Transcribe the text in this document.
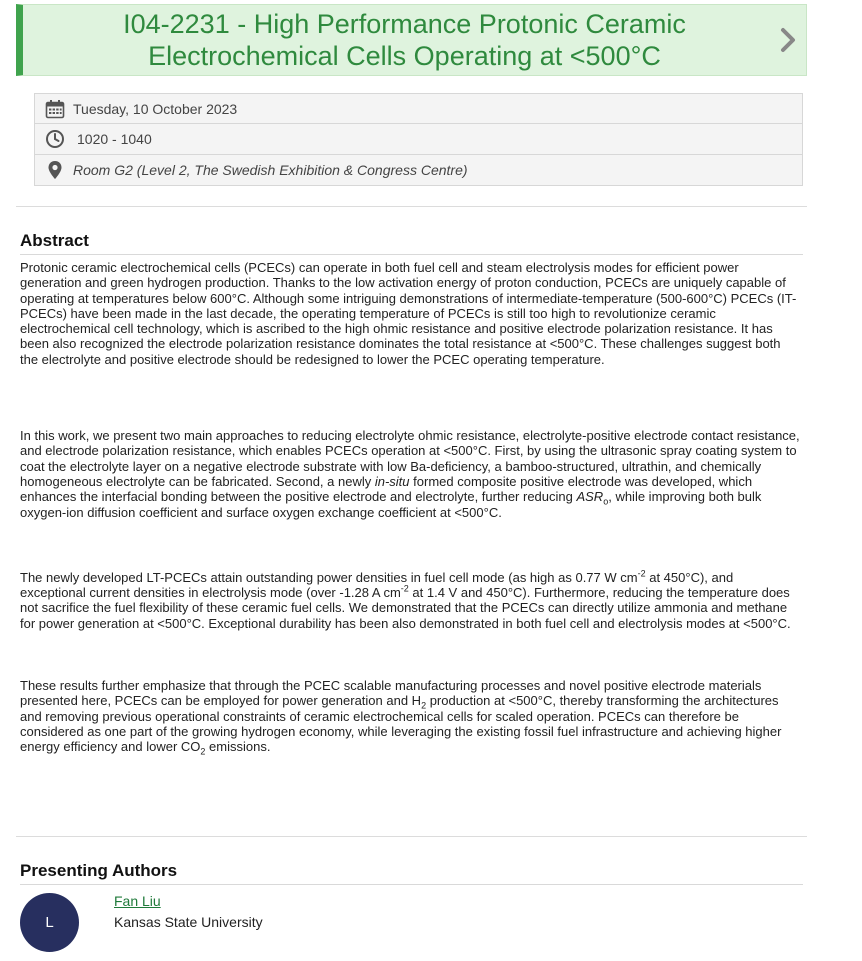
I04-2231 - High Performance Protonic Ceramic Electrochemical Cells Operating at <500°C
Tuesday, 10 October 2023
1020 - 1040
Room G2 (Level 2, The Swedish Exhibition & Congress Centre)
Abstract

Protonic ceramic electrochemical cells (PCECs) can operate in both fuel cell and steam electrolysis modes for efficient power generation and green hydrogen production. Thanks to the low activation energy of proton conduction, PCECs are uniquely capable of operating at temperatures below 600°C. Although some intriguing demonstrations of intermediate-temperature (500-600°C) PCECs (IT-PCECs) have been made in the last decade, the operating temperature of PCECs is still too high to revolutionize ceramic electrochemical cell technology, which is ascribed to the high ohmic resistance and positive electrode polarization resistance. It has been also recognized the electrode polarization resistance dominates the total resistance at <500°C. These challenges suggest both the electrolyte and positive electrode should be redesigned to lower the PCEC operating temperature.

In this work, we present two main approaches to reducing electrolyte ohmic resistance, electrolyte-positive electrode contact resistance, and electrode polarization resistance, which enables PCECs operation at <500°C. First, by using the ultrasonic spray coating system to coat the electrolyte layer on a negative electrode substrate with low Ba-deficiency, a bamboo-structured, ultrathin, and chemically homogeneous electrolyte can be fabricated. Second, a newly in-situ formed composite positive electrode was developed, which enhances the interfacial bonding between the positive electrode and electrolyte, further reducing $ASR_o$, while improving both bulk oxygen-ion diffusion coefficient and surface oxygen exchange coefficient at <500°C.

The newly developed LT-PCECs attain outstanding power densities in fuel cell mode (as high as 0.77 W $cm^{-2}$ at 450°C), and exceptional current densities in electrolysis mode (over -1.28 A $cm^{-2}$ at 1.4 V and 450°C). Furthermore, reducing the temperature does not sacrifice the fuel flexibility of these ceramic fuel cells. We demonstrated that the PCECs can directly utilize ammonia and methane for power generation at <500°C. Exceptional durability has been also demonstrated in both fuel cell and electrolysis modes at <500°C.

These results further emphasize that through the PCEC scalable manufacturing processes and novel positive electrode materials presented here, PCECs can be employed for power generation and $H_2$ production at <500°C, thereby transforming the architectures and removing previous operational constraints of ceramic electrochemical cells for scaled operation. PCECs can therefore be considered as one part of the growing hydrogen economy, while leveraging the existing fossil fuel infrastructure and achieving higher energy efficiency and lower $CO_2$ emissions.

Presenting Authors
L
Fan Liu
Kansas State University
